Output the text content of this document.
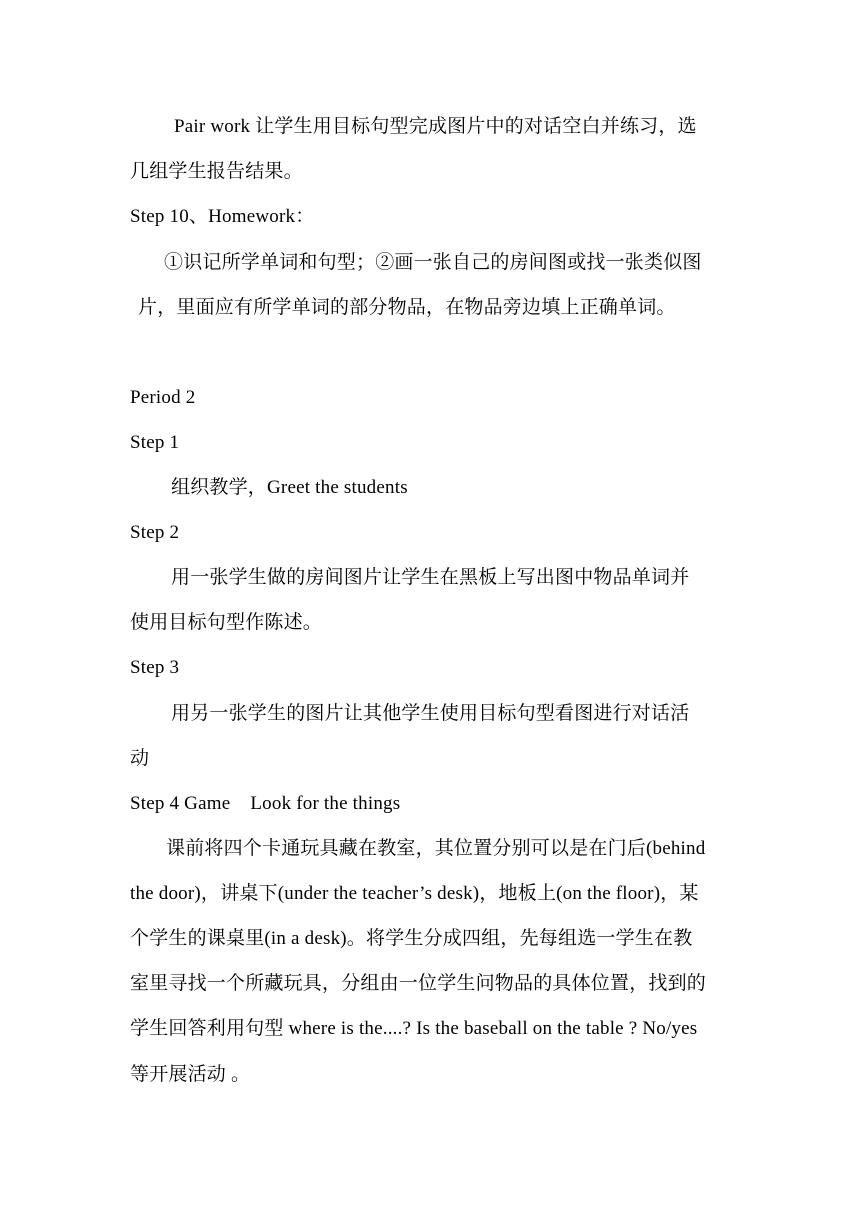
Pair work 让学生用目标句型完成图片中的对话空白并练习，选
几组学生报告结果。
Step 10、Homework：
①识记所学单词和句型；②画一张自己的房间图或找一张类似图
片，里面应有所学单词的部分物品，在物品旁边填上正确单词。
Period 2
Step 1
组织教学，Greet the students
Step 2
用一张学生做的房间图片让学生在黑板上写出图中物品单词并
使用目标句型作陈述。
Step 3
用另一张学生的图片让其他学生使用目标句型看图进行对话活
动
Step 4 Game Look for the things
课前将四个卡通玩具藏在教室，其位置分别可以是在门后(behind
the door)，讲桌下(under the teacher’s desk)，地板上(on the floor)，某
个学生的课桌里(in a desk)。将学生分成四组，先每组选一学生在教
室里寻找一个所藏玩具，分组由一位学生问物品的具体位置，找到的
学生回答利用句型 where is the....? Is the baseball on the table ? No/yes
等开展活动 。
